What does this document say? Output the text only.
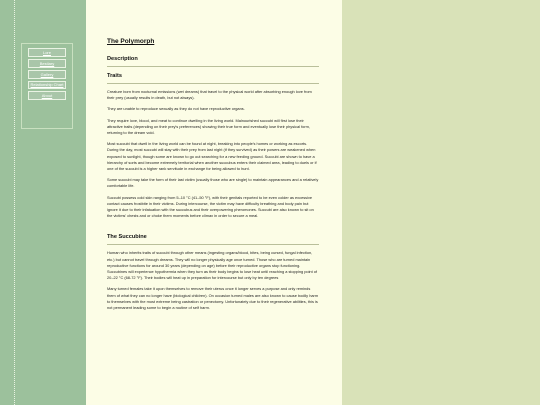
Lore
Bestiary
Gallery
Relationship Chart
About
The Polymorph
Description
Traits

Creature born from nocturnal emissions (wet dreams) that travel to the physical world after absorbing enough love from their prey (usually results in death, but not always).

They are unable to reproduce sexually as they do not have reproductive organs.

They require love, blood, and meat to continue dwelling in the living world. Malnourished succubi will first lose their attractive traits (depending on their prey's preferences) showing their true form and eventually lose their physical form, returning to the dream void.

Most succubi that dwell in the living world can be found at night, breaking into people's homes or working as escorts. During the day, most succubi will stay with their prey from last night (if they survived) as their powers are weakened when exposed to sunlight, though some are known to go out searching for a new feeding ground. Succubi are shown to have a hierarchy of sorts and become extremely territorial when another succubus enters their claimed area, leading to duels or if one of the succubi is a higher rank servitude in exchange for being allowed to hunt.

Some succubi may take the form of their last victim (usually those who are single) to maintain appearances and a relatively comfortable life.

Succubi possess cold skin ranging from 5–10 °C (41–50 °F), with their genitals reported to be even colder as excessive contact causes frostbite in their victims. During intercourse, the victim may have difficulty breathing and body pain but ignore it due to their infatuation with the succubus and their overpowering pheromones. Succubi are also known to sit on the victims' chests and or choke them moments before climax in order to secure a meal.

The Succubine

Human who inherits traits of succubi through other means (ingesting organs/blood, bites, being cursed, fungal infection, etc.) but cannot travel through dreams. They will no longer physically age once turned. Those who are turned maintain reproductive functions for around 30 years (depending on age) before their reproductive organs stop functioning. Succubines will experience hypothermia when they turn as their body begins to lose heat until reaching a stopping point of 20–22 °C (68-72 °F). Their bodies will heat up in preparation for intercourse but only by ten degrees

Many turned females take it upon themselves to remove their uterus once it longer serves a purpose and only reminds them of what they can no longer have (biological children). On occasion turned males are also known to cause bodily harm to themselves with the most extreme being castration or penectomy. Unfortunately due to their regenerative abilities, this is not permanent leading some to begin a routine of self harm.
